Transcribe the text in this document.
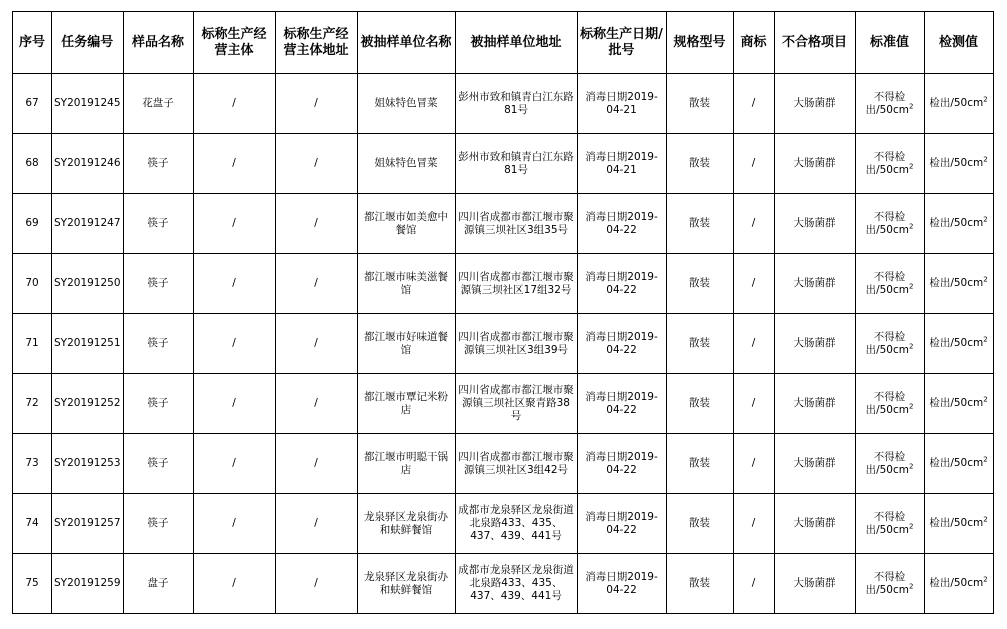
序号	任务编号	样品名称	标称生产经营主体	标称生产经营主体地址	被抽样单位名称	被抽样单位地址	标称生产日期/批号	规格型号	商标	不合格项目	标准值	检测值
67	SY20191245	花盘子	/	/	姐妹特色冒菜	彭州市致和镇青白江东路81号	消毒日期2019-04-21	散装	/	大肠菌群	不得检出$/50cm^2$	检出$/50cm^2$
68	SY20191246	筷子	/	/	姐妹特色冒菜	彭州市致和镇青白江东路81号	消毒日期2019-04-21	散装	/	大肠菌群	不得检出$/50cm^2$	检出$/50cm^2$
69	SY20191247	筷子	/	/	都江堰市如美愈中餐馆	四川省成都市都江堰市聚源镇三坝社区3组35号	消毒日期2019-04-22	散装	/	大肠菌群	不得检出$/50cm^2$	检出$/50cm^2$
70	SY20191250	筷子	/	/	都江堰市味美滋餐馆	四川省成都市都江堰市聚源镇三坝社区17组32号	消毒日期2019-04-22	散装	/	大肠菌群	不得检出$/50cm^2$	检出$/50cm^2$
71	SY20191251	筷子	/	/	都江堰市好味道餐馆	四川省成都市都江堰市聚源镇三坝社区3组39号	消毒日期2019-04-22	散装	/	大肠菌群	不得检出$/50cm^2$	检出$/50cm^2$
72	SY20191252	筷子	/	/	都江堰市覃记米粉店	四川省成都市都江堰市聚源镇三坝社区聚青路38号	消毒日期2019-04-22	散装	/	大肠菌群	不得检出$/50cm^2$	检出$/50cm^2$
73	SY20191253	筷子	/	/	都江堰市明聪干锅店	四川省成都市都江堰市聚源镇三坝社区3组42号	消毒日期2019-04-22	散装	/	大肠菌群	不得检出$/50cm^2$	检出$/50cm^2$
74	SY20191257	筷子	/	/	龙泉驿区龙泉街办和蚨鲜餐馆	成都市龙泉驿区龙泉街道北泉路433、435、437、439、441号	消毒日期2019-04-22	散装	/	大肠菌群	不得检出$/50cm^2$	检出$/50cm^2$
75	SY20191259	盘子	/	/	龙泉驿区龙泉街办和蚨鲜餐馆	成都市龙泉驿区龙泉街道北泉路433、435、437、439、441号	消毒日期2019-04-22	散装	/	大肠菌群	不得检出$/50cm^2$	检出$/50cm^2$
